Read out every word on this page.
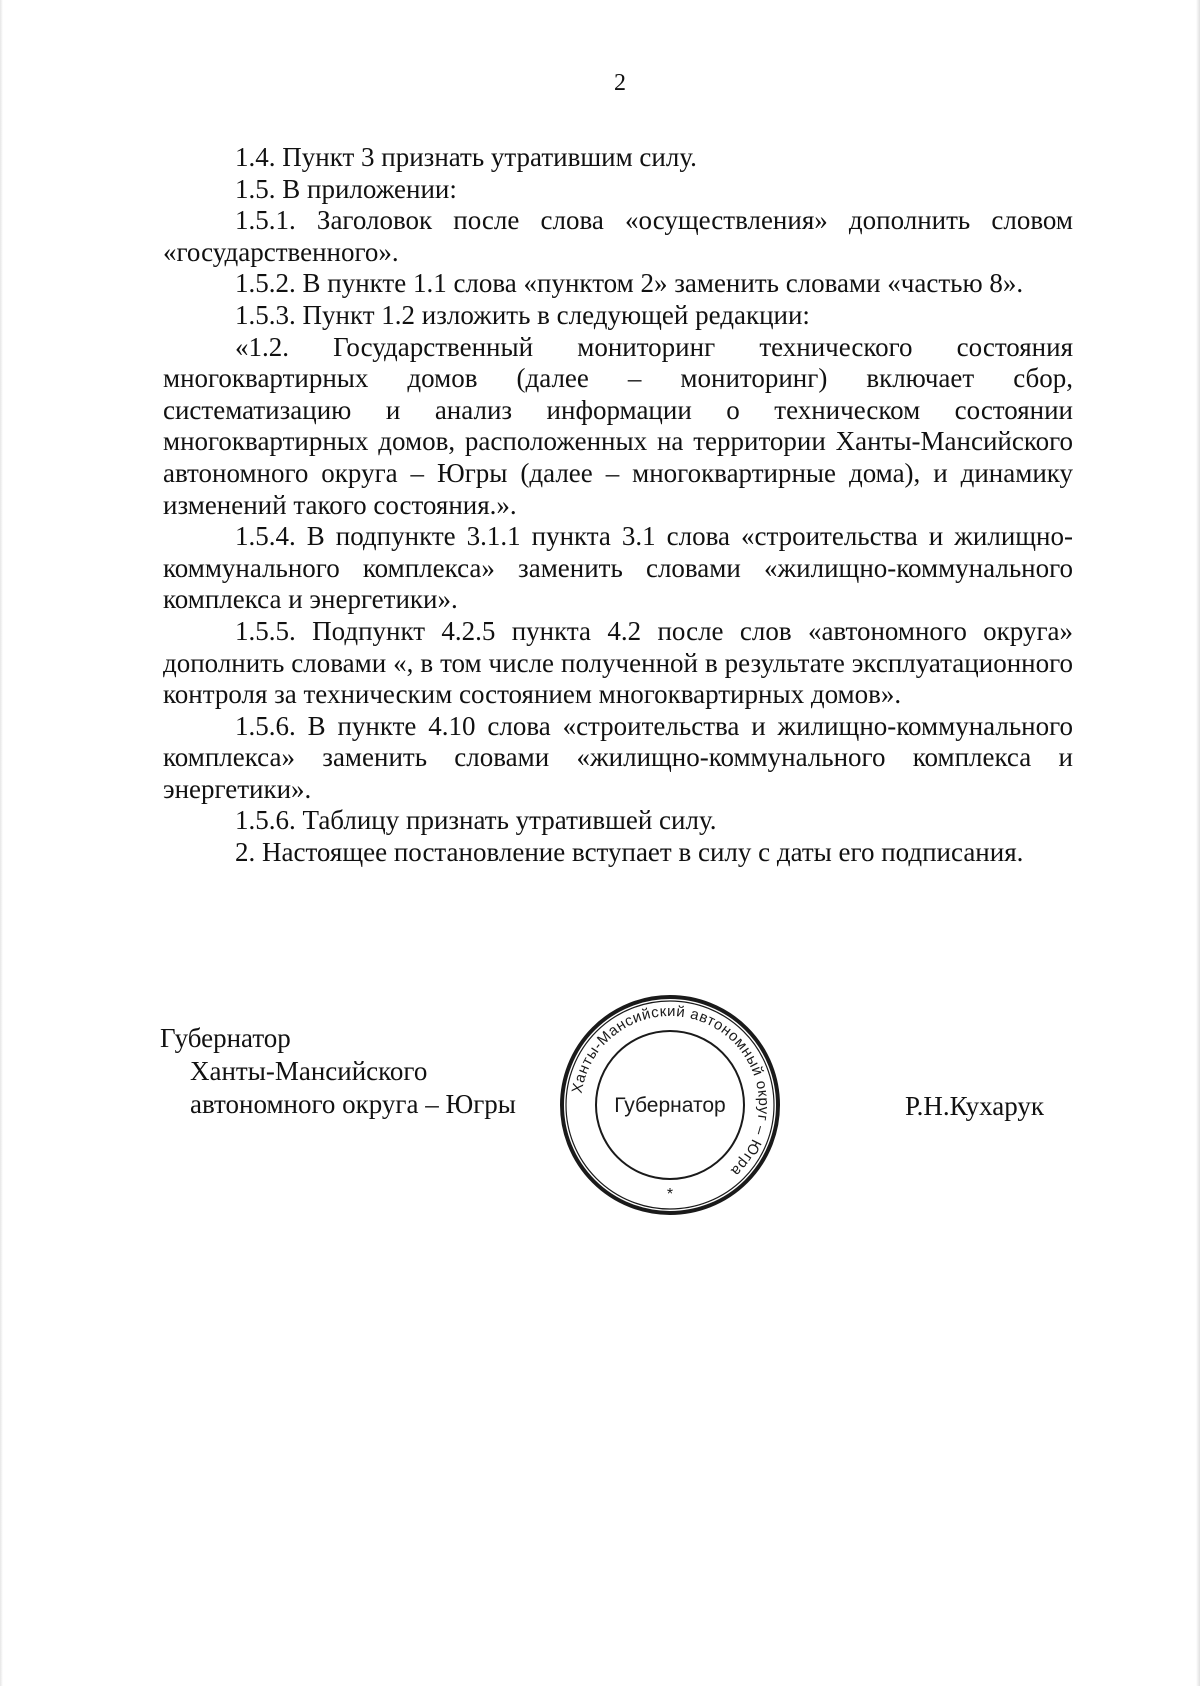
2

1.4. Пункт 3 признать утратившим силу.

1.5. В приложении:

1.5.1. Заголовок после слова «осуществления» дополнить словом «государственного».

1.5.2. В пункте 1.1 слова «пунктом 2» заменить словами «частью 8».

1.5.3. Пункт 1.2 изложить в следующей редакции:

«1.2. Государственный мониторинг технического состояния многоквартирных домов (далее – мониторинг) включает сбор, систематизацию и анализ информации о техническом состоянии многоквартирных домов, расположенных на территории Ханты-Мансийского автономного округа – Югры (далее – многоквартирные дома), и динамику изменений такого состояния.».

1.5.4. В подпункте 3.1.1 пункта 3.1 слова «строительства и жилищно-коммунального комплекса» заменить словами «жилищно-коммунального комплекса и энергетики».

1.5.5. Подпункт 4.2.5 пункта 4.2 после слов «автономного округа» дополнить словами «, в том числе полученной в результате эксплуатационного контроля за техническим состоянием многоквартирных домов».

1.5.6. В пункте 4.10 слова «строительства и жилищно-коммунального комплекса» заменить словами «жилищно-коммунального комплекса и энергетики».

1.5.6. Таблицу признать утратившей силу.

2. Настоящее постановление вступает в силу с даты его подписания.

Губернатор
Ханты-Мансийского
автономного округа – Югры	Р.Н.Кухарук
Ханты-Мансийский автономный округ – Югра
Губернатор
*
